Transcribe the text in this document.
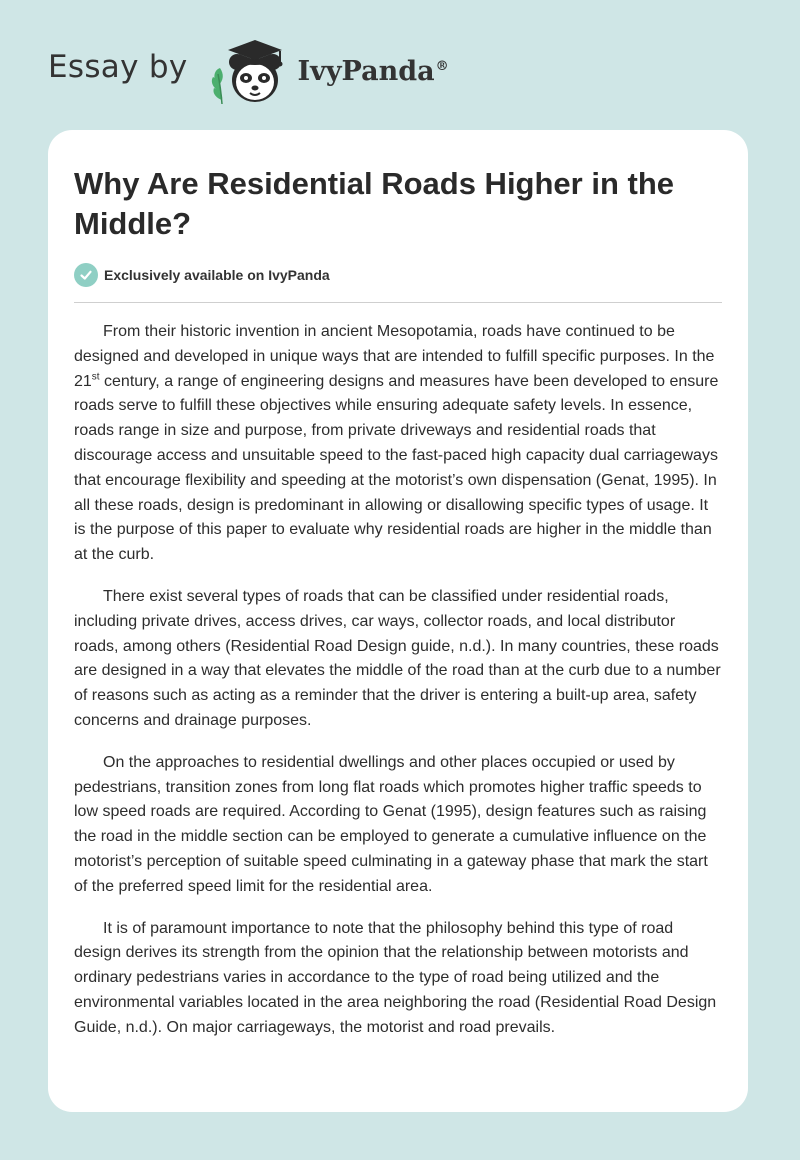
Essay by	IvyPanda®
Why Are Residential Roads Higher in the Middle?
Exclusively available on IvyPanda

From their historic invention in ancient Mesopotamia, roads have continued to be designed and developed in unique ways that are intended to fulfill specific purposes. In the 21st century, a range of engineering designs and measures have been developed to ensure roads serve to fulfill these objectives while ensuring adequate safety levels. In essence, roads range in size and purpose, from private driveways and residential roads that discourage access and unsuitable speed to the fast-paced high capacity dual carriageways that encourage flexibility and speeding at the motorist’s own dispensation (Genat, 1995). In all these roads, design is predominant in allowing or disallowing specific types of usage. It is the purpose of this paper to evaluate why residential roads are higher in the middle than at the curb.

There exist several types of roads that can be classified under residential roads, including private drives, access drives, car ways, collector roads, and local distributor roads, among others (Residential Road Design guide, n.d.). In many countries, these roads are designed in a way that elevates the middle of the road than at the curb due to a number of reasons such as acting as a reminder that the driver is entering a built-up area, safety concerns and drainage purposes.

On the approaches to residential dwellings and other places occupied or used by pedestrians, transition zones from long flat roads which promotes higher traffic speeds to low speed roads are required. According to Genat (1995), design features such as raising the road in the middle section can be employed to generate a cumulative influence on the motorist’s perception of suitable speed culminating in a gateway phase that mark the start of the preferred speed limit for the residential area.

It is of paramount importance to note that the philosophy behind this type of road design derives its strength from the opinion that the relationship between motorists and ordinary pedestrians varies in accordance to the type of road being utilized and the environmental variables located in the area neighboring the road (Residential Road Design Guide, n.d.). On major carriageways, the motorist and road prevails.
